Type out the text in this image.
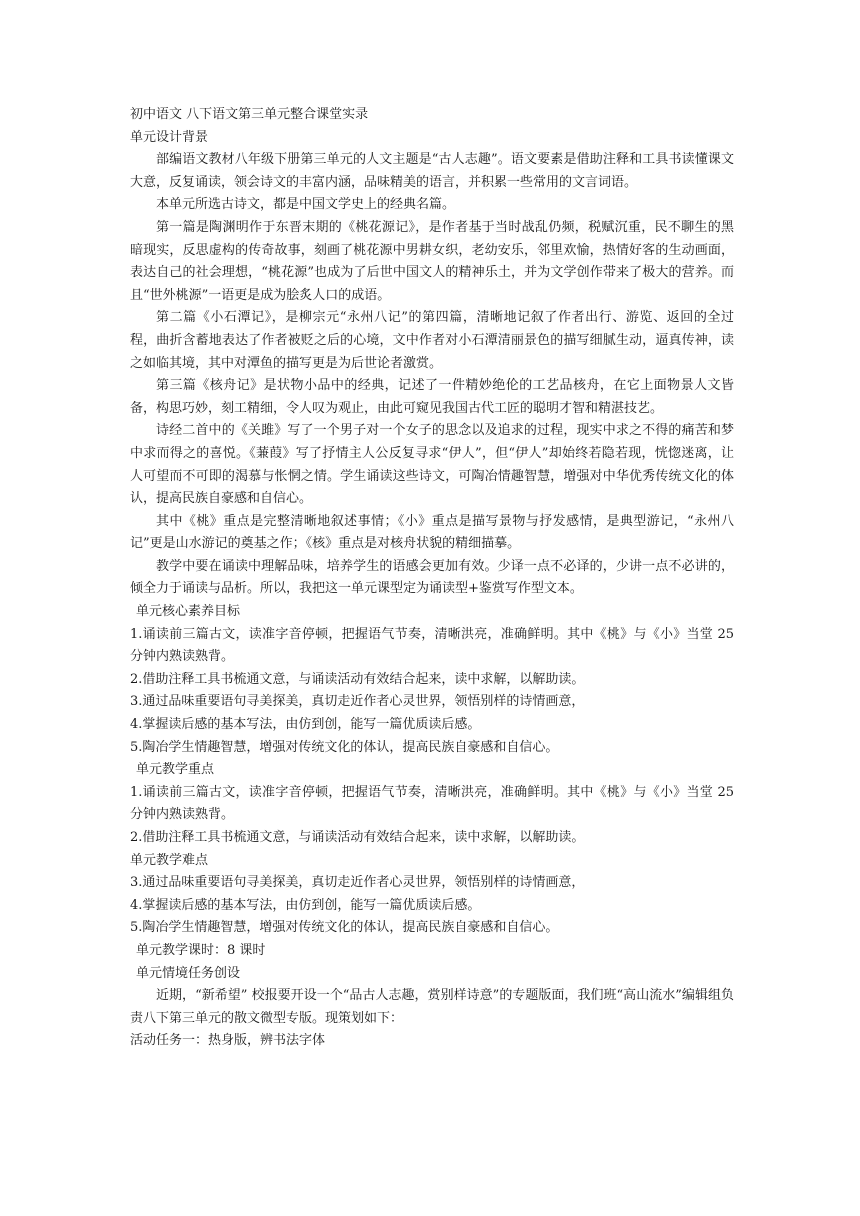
初中语文 八下语文第三单元整合课堂实录
单元设计背景

部编语文教材八年级下册第三单元的人文主题是“古人志趣”。语文要素是借助注释和工具书读懂课文大意，反复诵读，领会诗文的丰富内涵，品味精美的语言，并积累一些常用的文言词语。

本单元所选古诗文，都是中国文学史上的经典名篇。

第一篇是陶渊明作于东晋末期的《桃花源记》，是作者基于当时战乱仍频，税赋沉重，民不聊生的黑暗现实，反思虚构的传奇故事，刻画了桃花源中男耕女织，老幼安乐，邻里欢愉，热情好客的生动画面，表达自己的社会理想，“桃花源”也成为了后世中国文人的精神乐土，并为文学创作带来了极大的营养。而且“世外桃源”一语更是成为脍炙人口的成语。

第二篇《小石潭记》，是柳宗元“永州八记”的第四篇，清晰地记叙了作者出行、游览、返回的全过程，曲折含蓄地表达了作者被贬之后的心境，文中作者对小石潭清丽景色的描写细腻生动，逼真传神，读之如临其境，其中对潭鱼的描写更是为后世论者激赏。

第三篇《核舟记》是状物小品中的经典，记述了一件精妙绝伦的工艺品核舟，在它上面物景人文皆备，构思巧妙，刻工精细，令人叹为观止，由此可窥见我国古代工匠的聪明才智和精湛技艺。

诗经二首中的《关雎》写了一个男子对一个女子的思念以及追求的过程，现实中求之不得的痛苦和梦中求而得之的喜悦。《蒹葭》写了抒情主人公反复寻求“伊人”，但“伊人”却始终若隐若现，恍惚迷离，让人可望而不可即的渴慕与怅惘之情。学生诵读这些诗文，可陶冶情趣智慧，增强对中华优秀传统文化的体认，提高民族自豪感和自信心。

其中《桃》重点是完整清晰地叙述事情；《小》重点是描写景物与抒发感情，是典型游记，“永州八记”更是山水游记的奠基之作；《核》重点是对核舟状貌的精细描摹。

教学中要在诵读中理解品味，培养学生的语感会更加有效。少译一点不必译的，少讲一点不必讲的，倾全力于诵读与品析。所以，我把这一单元课型定为诵读型+鉴赏写作型文本。

单元核心素养目标

1.诵读前三篇古文，读准字音停顿，把握语气节奏，清晰洪亮，准确鲜明。其中《桃》与《小》当堂 25 分钟内熟读熟背。

2.借助注释工具书梳通文意，与诵读活动有效结合起来，读中求解，以解助读。

3.通过品味重要语句寻美探美，真切走近作者心灵世界，领悟别样的诗情画意，

4.掌握读后感的基本写法，由仿到创，能写一篇优质读后感。

5.陶冶学生情趣智慧，增强对传统文化的体认，提高民族自豪感和自信心。

单元教学重点

1.诵读前三篇古文，读准字音停顿，把握语气节奏，清晰洪亮，准确鲜明。其中《桃》与《小》当堂 25 分钟内熟读熟背。

2.借助注释工具书梳通文意，与诵读活动有效结合起来，读中求解，以解助读。

单元教学难点

3.通过品味重要语句寻美探美，真切走近作者心灵世界，领悟别样的诗情画意，

4.掌握读后感的基本写法，由仿到创，能写一篇优质读后感。

5.陶冶学生情趣智慧，增强对传统文化的体认，提高民族自豪感和自信心。

单元教学课时：8 课时
单元情境任务创设

近期，“新希望” 校报要开设一个“品古人志趣，赏别样诗意”的专题版面，我们班“高山流水”编辑组负责八下第三单元的散文微型专版。现策划如下：

活动任务一：热身版，辨书法字体
